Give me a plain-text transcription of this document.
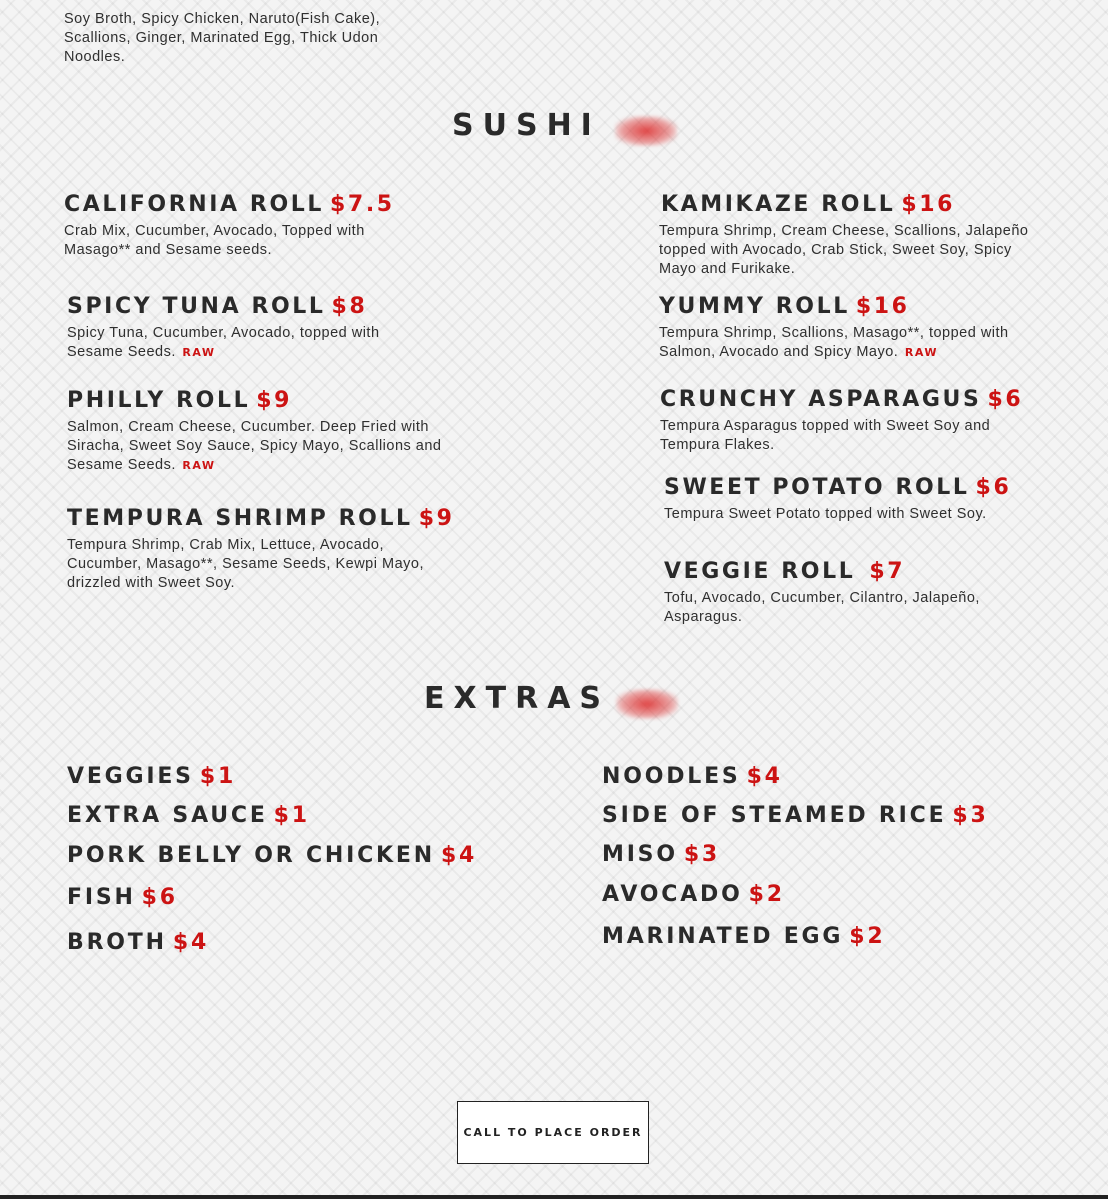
Soy Broth, Spicy Chicken, Naruto(Fish Cake), Scallions, Ginger, Marinated Egg, Thick Udon Noodles.

SUSHI
CALIFORNIA ROLL $7.5

Crab Mix, Cucumber, Avocado, Topped with Masago** and Sesame seeds.

SPICY TUNA ROLL $8

Spicy Tuna, Cucumber, Avocado, topped with Sesame Seeds. RAW

PHILLY ROLL $9

Salmon, Cream Cheese, Cucumber. Deep Fried with Siracha, Sweet Soy Sauce, Spicy Mayo, Scallions and Sesame Seeds. RAW

TEMPURA SHRIMP ROLL $9

Tempura Shrimp, Crab Mix, Lettuce, Avocado, Cucumber, Masago**, Sesame Seeds, Kewpi Mayo, drizzled with Sweet Soy.

KAMIKAZE ROLL $16

Tempura Shrimp, Cream Cheese, Scallions, Jalapeño topped with Avocado, Crab Stick, Sweet Soy, Spicy Mayo and Furikake.

YUMMY ROLL $16

Tempura Shrimp, Scallions, Masago**, topped with Salmon, Avocado and Spicy Mayo. RAW

CRUNCHY ASPARAGUS $6

Tempura Asparagus topped with Sweet Soy and Tempura Flakes.

SWEET POTATO ROLL $6

Tempura Sweet Potato topped with Sweet Soy.

VEGGIE ROLL $7

Tofu, Avocado, Cucumber, Cilantro, Jalapeño, Asparagus.

EXTRAS
VEGGIES $1
EXTRA SAUCE $1
PORK BELLY OR CHICKEN $4
FISH $6
BROTH $4
NOODLES $4
SIDE OF STEAMED RICE $3
MISO $3
AVOCADO $2
MARINATED EGG $2
CALL TO PLACE ORDER
